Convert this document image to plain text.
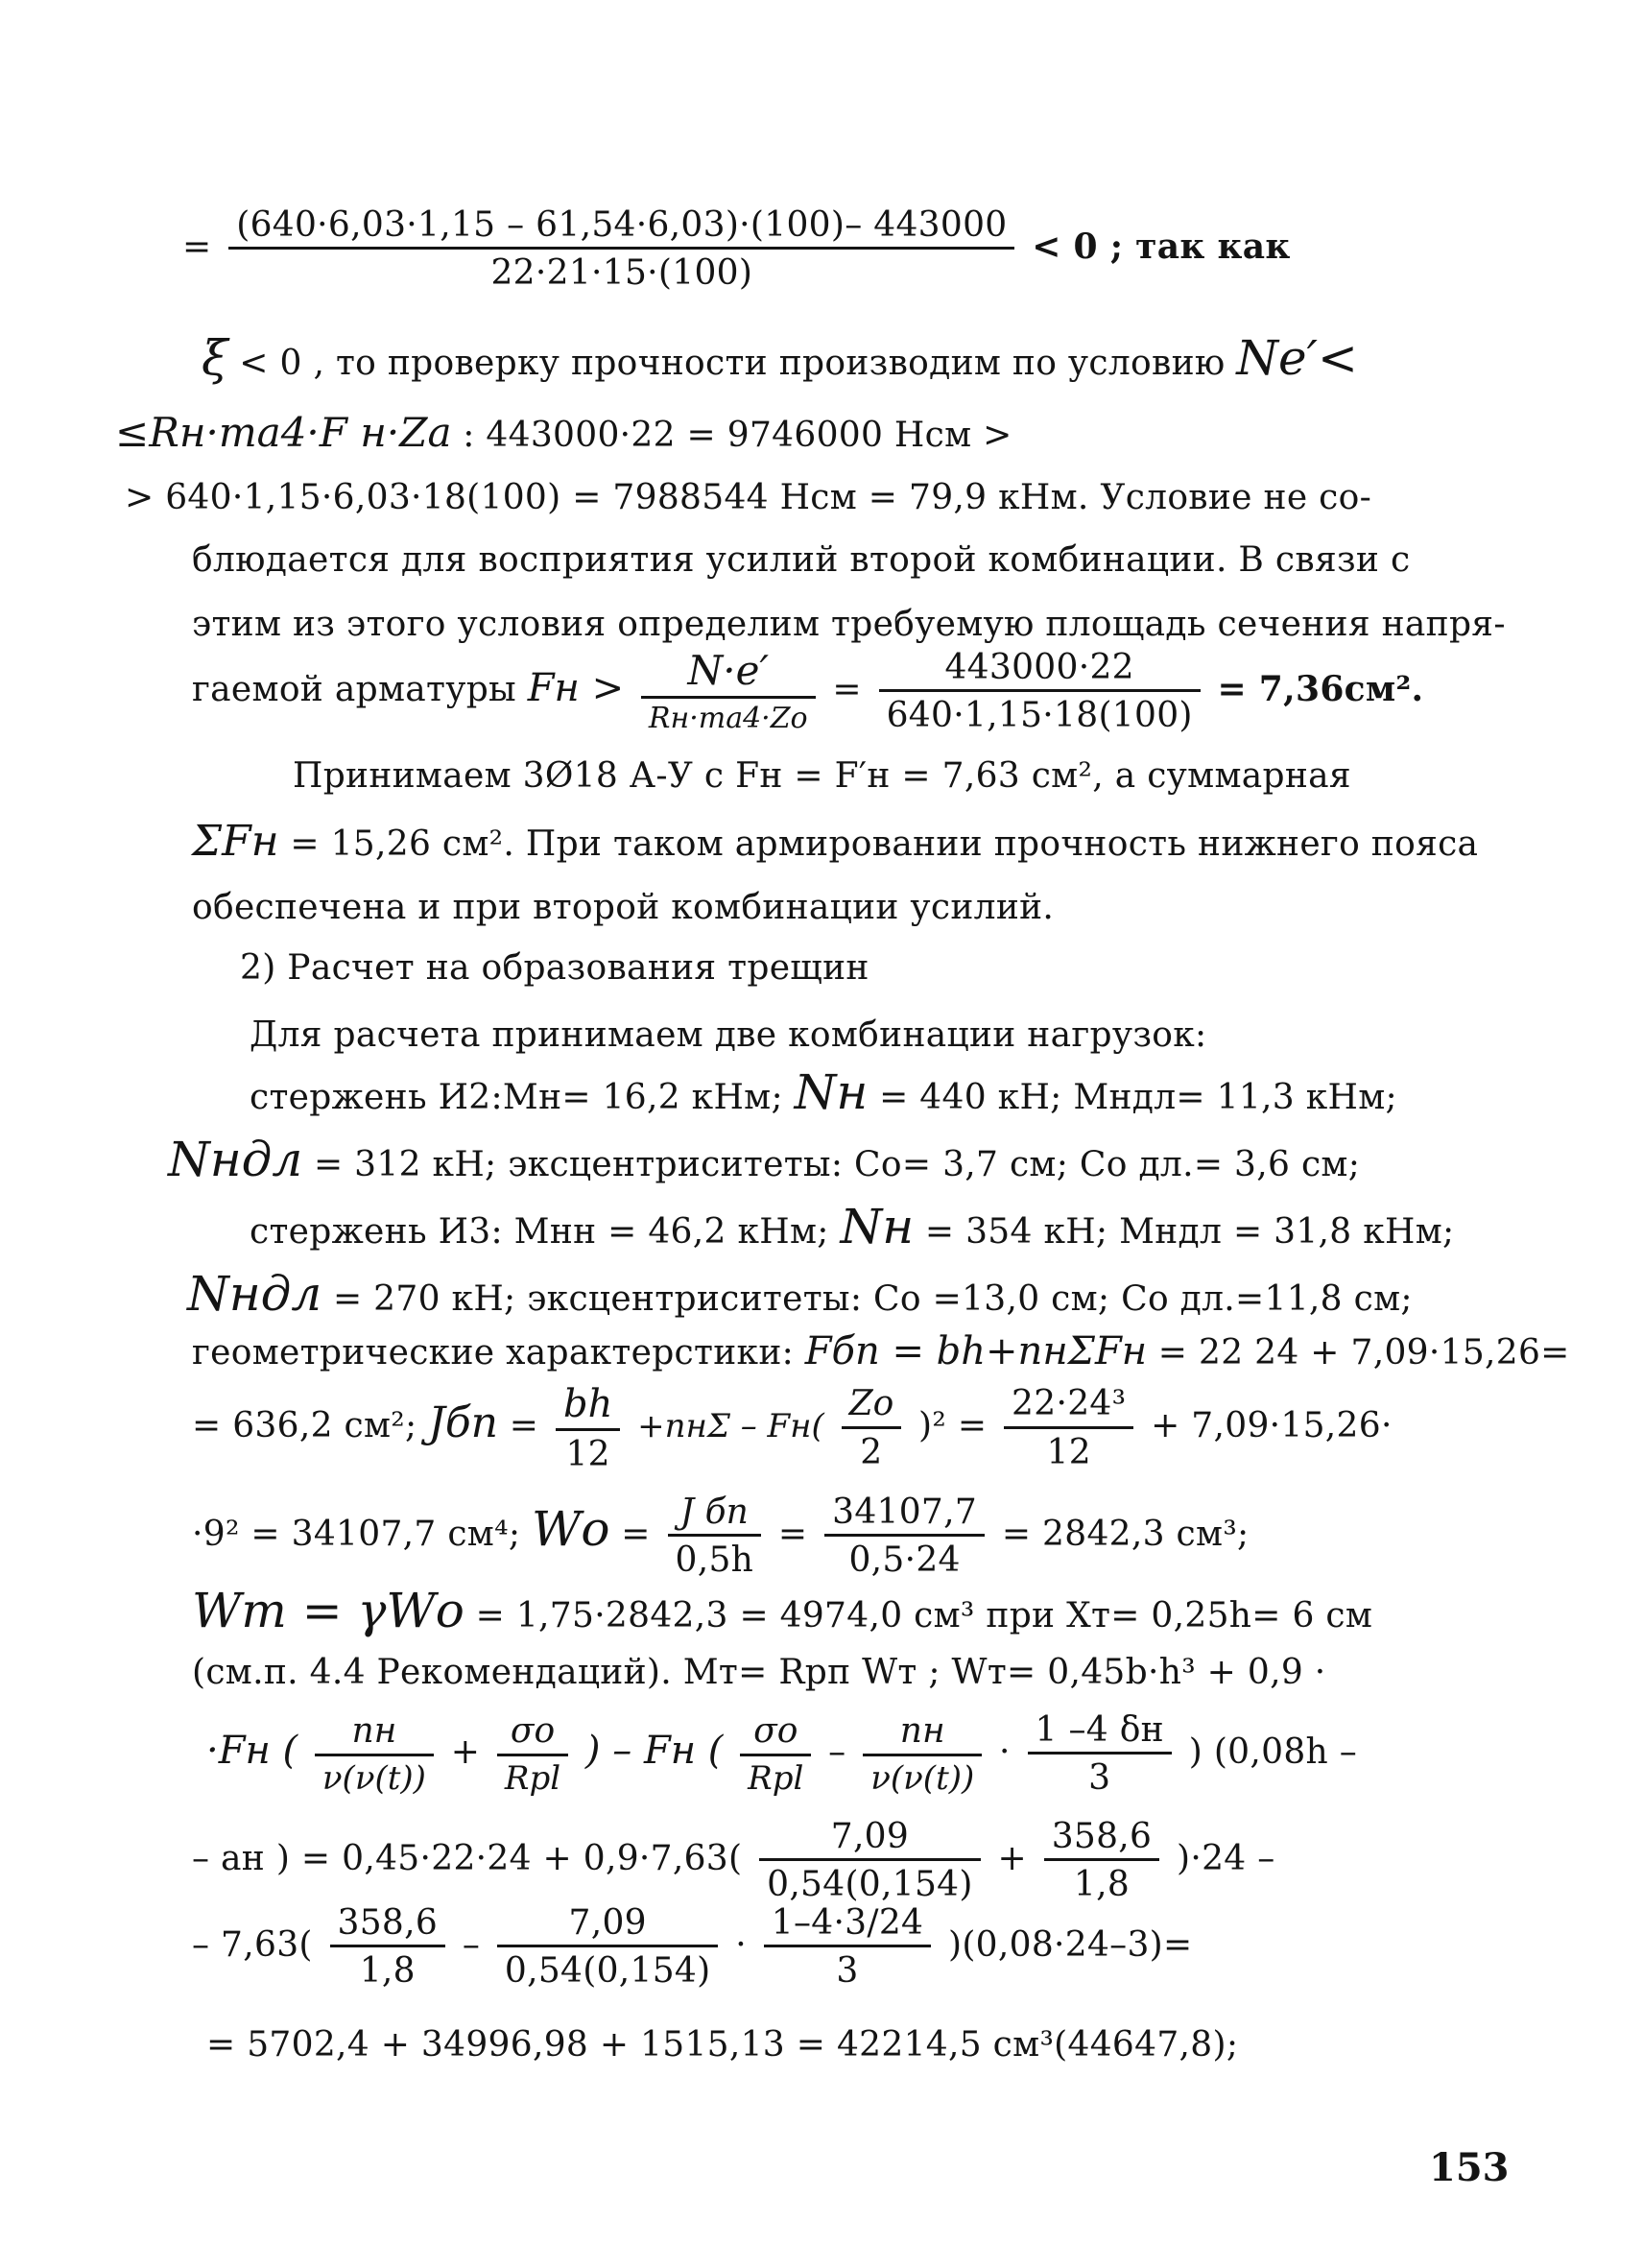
= $\frac{(640\cdot 6,03\cdot 1,15 - 61,54\cdot 6,03)\cdot(100)- 443000}{22\cdot 21\cdot 15\cdot(100)} < 0$ ; так как
ξ < 0 , то проверку прочности производим по условию Ne′<
≤Rн·mа4·F н·Zа : 443000·22 = 9746000 Нсм >
> 640·1,15·6,03·18(100) = 7988544 Нсм = 79,9 кНм. Условие не со-
блюдается для восприятия усилий второй комбинации. В связи с
этим из этого условия определим требуемую площадь сечения напря-
гаемой арматуры Fн > $\frac{N\cdot e'}{Rн\cdot mа4\cdot Zо} = \frac{443000\cdot 22}{640\cdot 1,15\cdot 18(100)} = 7,36см^2$.
Принимаем 3Ø18 А-У с Fн = F′н = 7,63 см², а суммарная
ΣFн = 15,26 см². При таком армировании прочность нижнего пояса
обеспечена и при второй комбинации усилий.
2) Расчет на образования трещин
Для расчета принимаем две комбинации нагрузок:
стержень И2:Мн= 16,2 кНм; Nн = 440 кН; Мндл= 11,3 кНм;
Nндл = 312 кН; эксцентриситеты: Со= 3,7 см; Со дл.= 3,6 см;
стержень И3: Мнн = 46,2 кНм; Nн = 354 кН; Мндл = 31,8 кНм;
Nндл = 270 кН; эксцентриситеты: Со =13,0 см; Со дл.=11,8 см;
геометрические характерстики: Fбп = bh+nнΣFн = 22 24 + 7,09·15,26=
= 636,2 см²; Jбп = $\frac{bh}{12} +nн\Sigma - Fн( \frac{Zо}{2} )^2 = \frac{\text{22·24³}}{12} + 7,09\cdot 15,26\cdot$
·9² = 34107,7 см⁴; Wо = $\frac{\text{J бп}}{0,5h} = \frac{34107,7}{0,5\cdot 24} = 2842,3$ см³;
Wт = γWо = 1,75·2842,3 = 4974,0 см³ при Хт= 0,25h= 6 см
(см.п. 4.4 Рекомендаций). Мт= Rрп Wт ; Wт= 0,45b·h³ + 0,9 ·
·Fн ( $\frac{nн}{\nu(\nu(t))} + \frac{\sigma о}{\text{Rрl}}$ ) – Fн ( $\frac{\sigma о}{\text{Rрl}} - \frac{nн}{\nu(\nu(t))} \cdot \frac{1 -4 \delta н}{3}$ ) (0,08h –
– aн ) = $0,45\cdot 22\cdot 24 + 0,9\cdot 7,63( \frac{7,09}{0,54(0,154)} + \frac{358,6}{1,8} )\cdot 24$ –
– $7,63( \frac{358,6}{1,8} - \frac{7,09}{0,54(0,154)} \cdot \frac{1-4\cdot 3/24}{3} )(0,08\cdot 24-3)=$
= 5702,4 + 34996,98 + 1515,13 = 42214,5 см³(44647,8);
153
